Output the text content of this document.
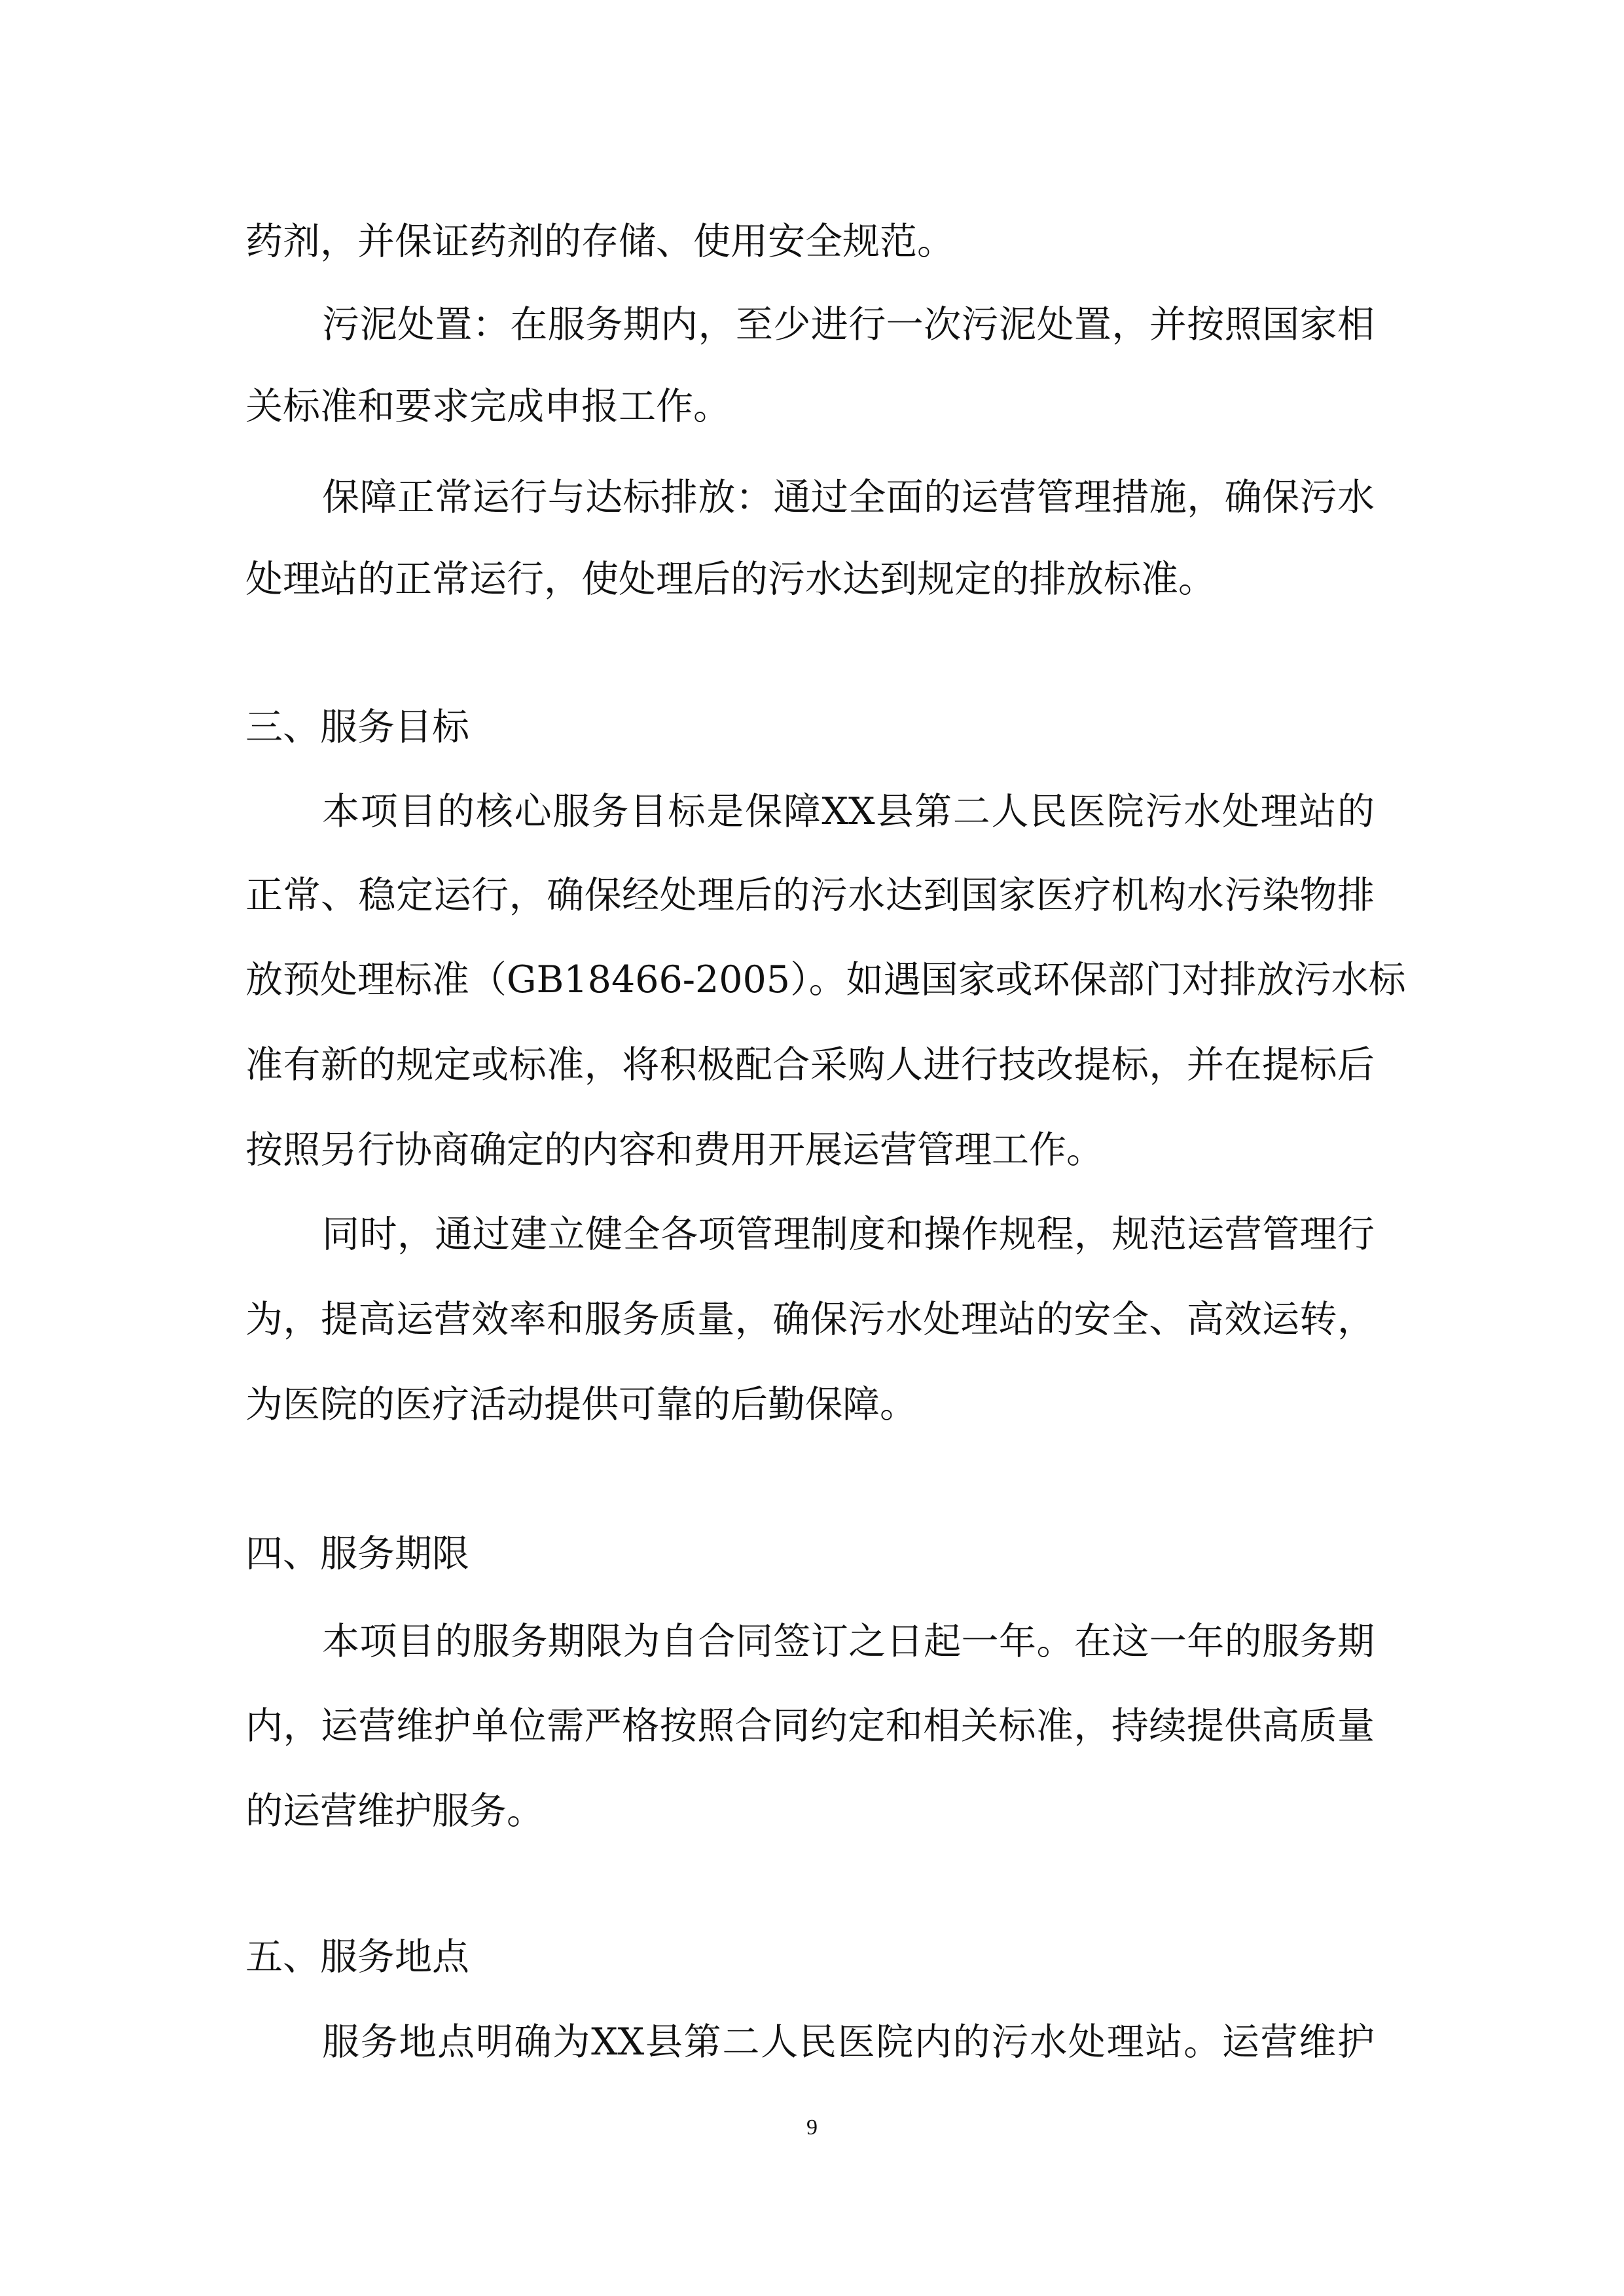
药剂，并保证药剂的存储、使用安全规范。
污泥处置：在服务期内，至少进行一次污泥处置，并按照国家相
关标准和要求完成申报工作。
保障正常运行与达标排放：通过全面的运营管理措施，确保污水
处理站的正常运行，使处理后的污水达到规定的排放标准。
三、服务目标
本项目的核心服务目标是保障XX县第二人民医院污水处理站的
正常、稳定运行，确保经处理后的污水达到国家医疗机构水污染物排
放预处理标准（GB18466-2005）。如遇国家或环保部门对排放污水标
准有新的规定或标准，将积极配合采购人进行技改提标，并在提标后
按照另行协商确定的内容和费用开展运营管理工作。
同时，通过建立健全各项管理制度和操作规程，规范运营管理行
为，提高运营效率和服务质量，确保污水处理站的安全、高效运转，
为医院的医疗活动提供可靠的后勤保障。
四、服务期限
本项目的服务期限为自合同签订之日起一年。在这一年的服务期
内，运营维护单位需严格按照合同约定和相关标准，持续提供高质量
的运营维护服务。
五、服务地点
服务地点明确为XX县第二人民医院内的污水处理站。运营维护
9
